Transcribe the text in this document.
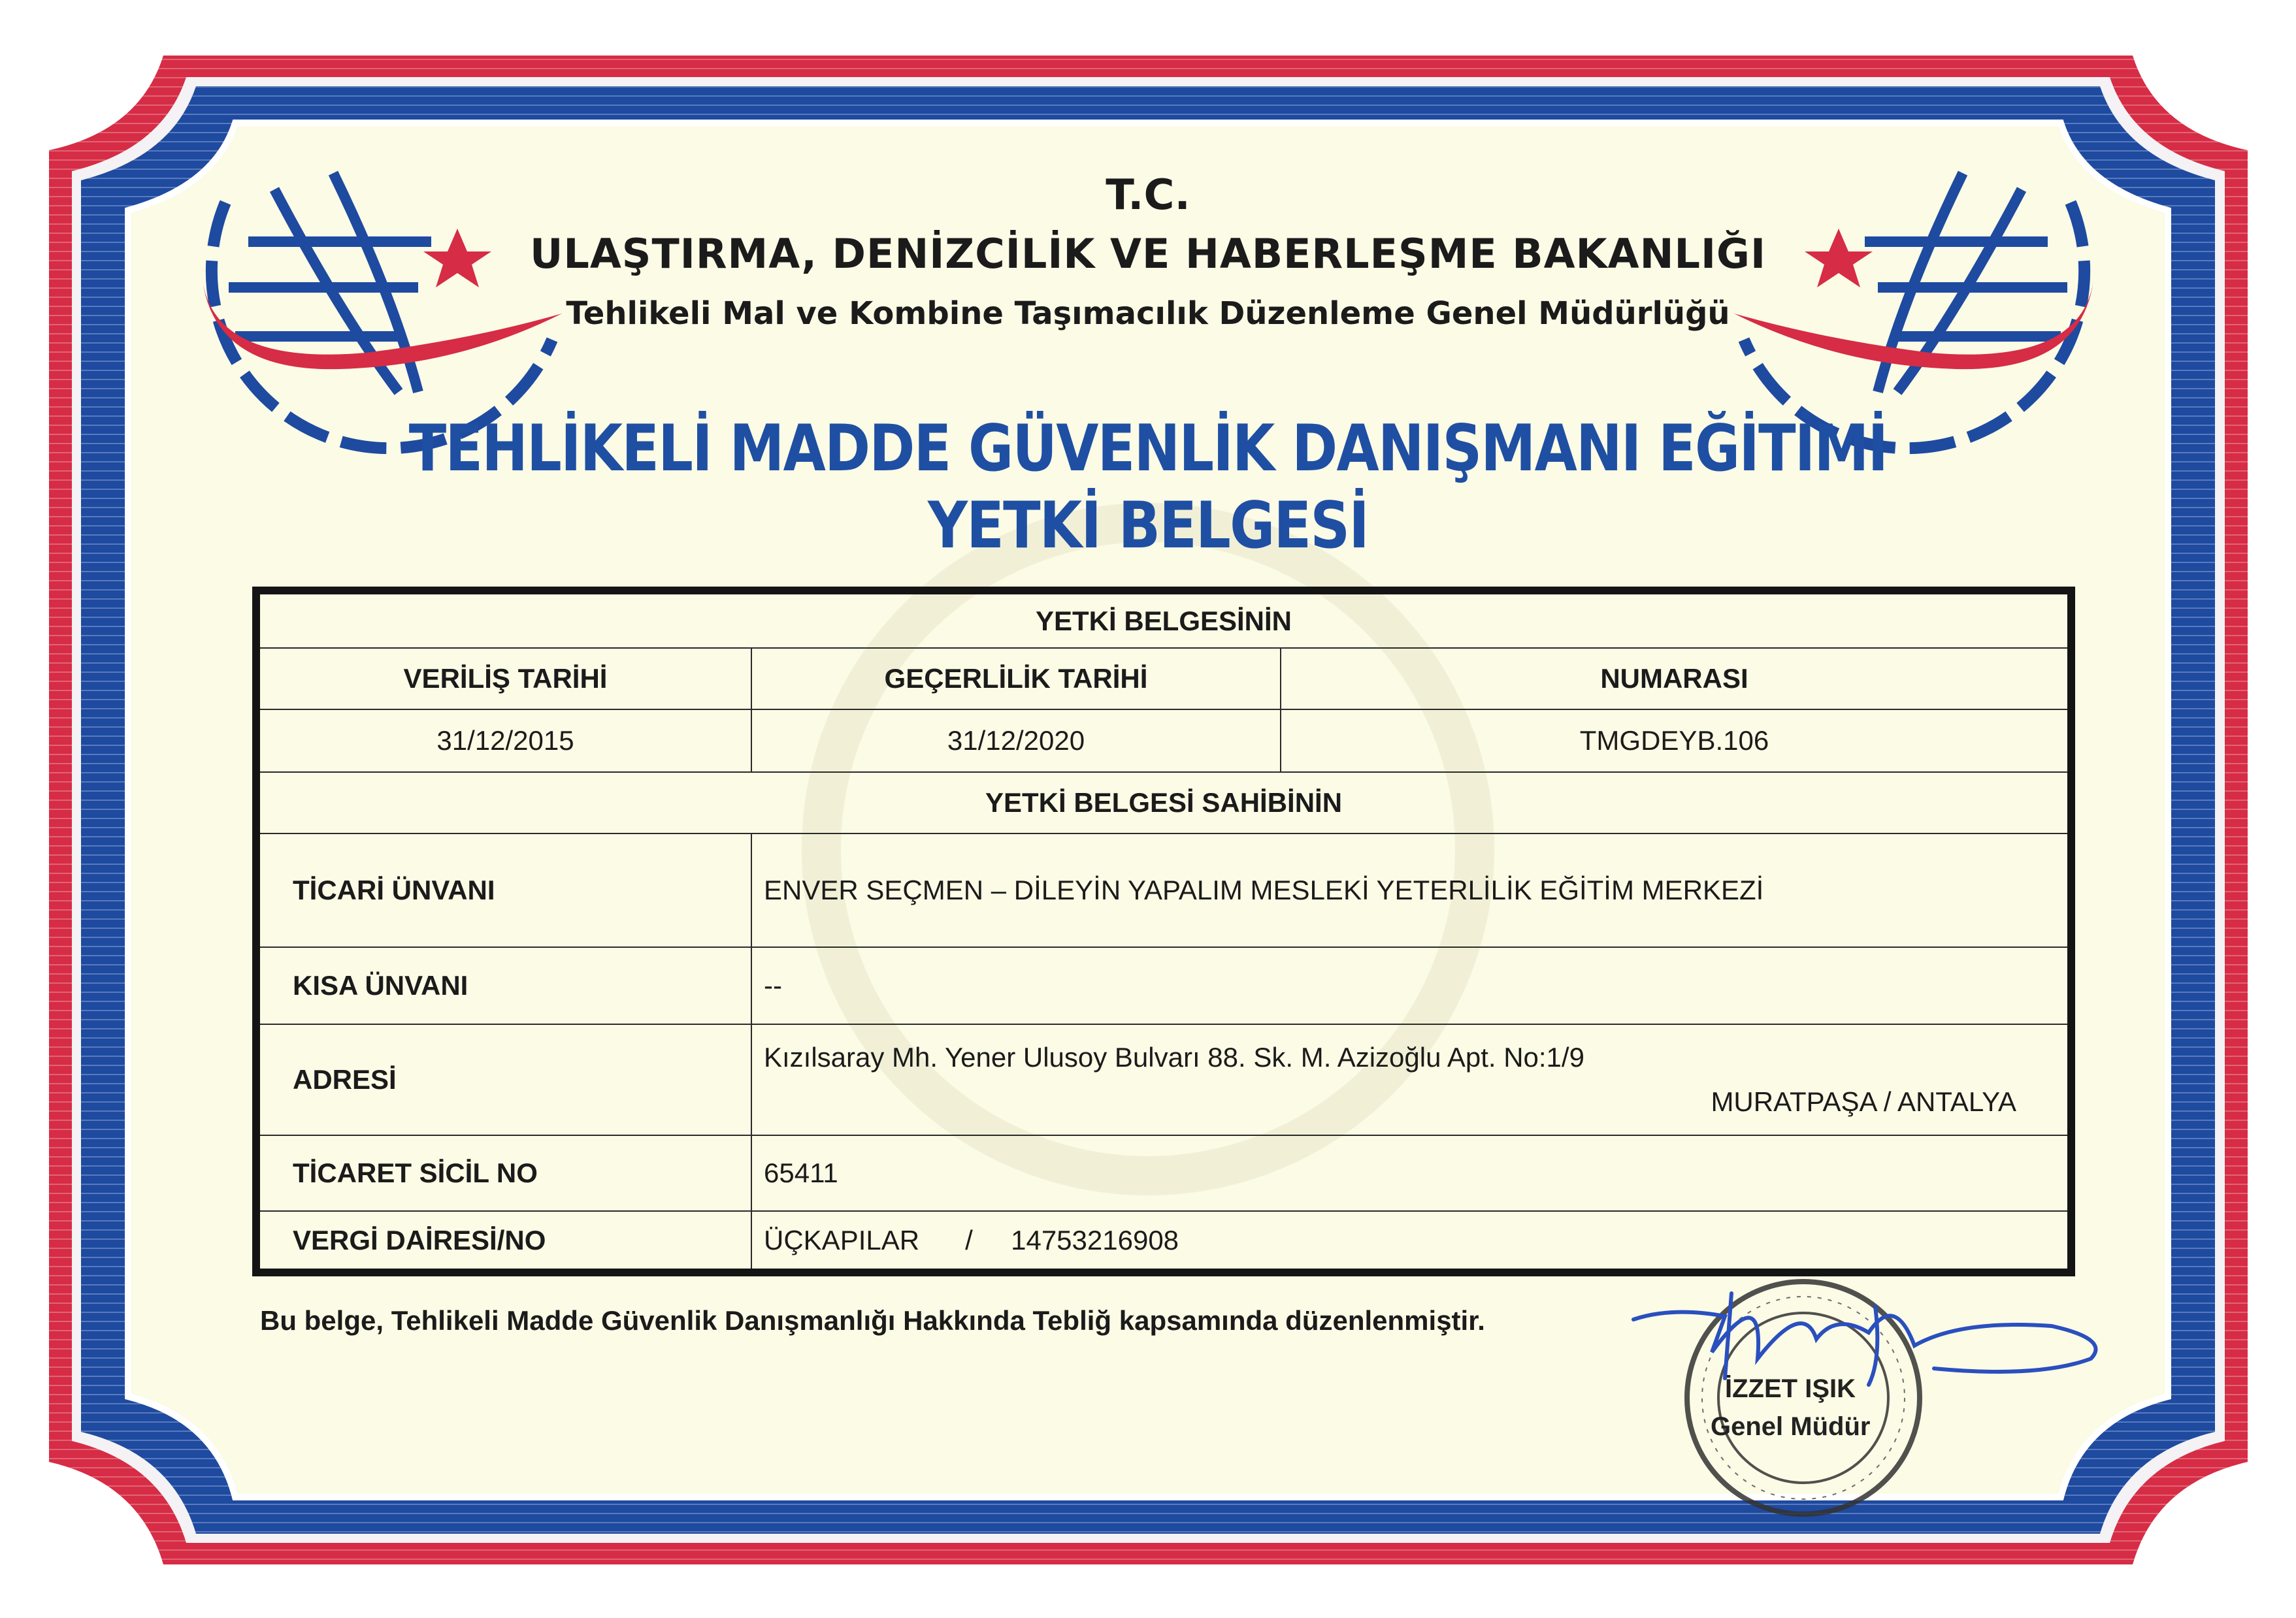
T.C.
ULAŞTIRMA, DENİZCİLİK VE HABERLEŞME BAKANLIĞI
Tehlikeli Mal ve Kombine Taşımacılık Düzenleme Genel Müdürlüğü
TEHLİKELİ MADDE GÜVENLİK DANIŞMANI EĞİTİMİ
YETKİ BELGESİ
YETKİ BELGESİNİN		
VERİLİŞ TARİHİ	GEÇERLİLİK TARİHİ	NUMARASI
31/12/2015	31/12/2020	TMGDEYB.106
YETKİ BELGESİ SAHİBİNİN		
TİCARİ ÜNVANI	ENVER SEÇMEN – DİLEYİN YAPALIM MESLEKİ YETERLİLİK EĞİTİM MERKEZİ	
KISA ÜNVANI	--	
ADRESİ	Kızılsaray Mh. Yener Ulusoy Bulvarı 88. Sk. M. Azizoğlu Apt. No:1/9
MURATPAŞA / ANTALYA	

TİCARET SİCİL NO	65411	
VERGİ DAİRESİ/NO	ÜÇKAPILAR      /     14753216908	
Bu belge, Tehlikeli Madde Güvenlik Danışmanlığı Hakkında Tebliğ kapsamında düzenlenmiştir.
İZZET IŞIK
Genel Müdür
